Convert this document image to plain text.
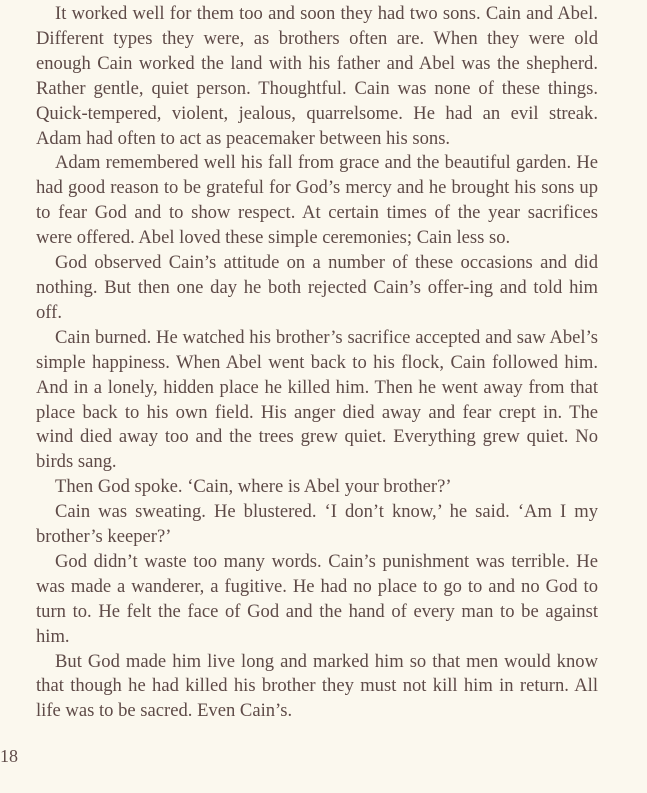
It worked well for them too and soon they had two sons. Cain and Abel. Different types they were, as brothers often are. When they were old enough Cain worked the land with his father and Abel was the shepherd. Rather gentle, quiet person. Thoughtful. Cain was none of these things. Quick-tempered, violent, jealous, quarrelsome. He had an evil streak. Adam had often to act as peacemaker between his sons.

Adam remembered well his fall from grace and the beautiful garden. He had good reason to be grateful for God’s mercy and he brought his sons up to fear God and to show respect. At certain times of the year sacrifices were offered. Abel loved these simple ceremonies; Cain less so.

God observed Cain’s attitude on a number of these occasions and did nothing. But then one day he both rejected Cain’s offer-ing and told him off.

Cain burned. He watched his brother’s sacrifice accepted and saw Abel’s simple happiness. When Abel went back to his flock, Cain followed him. And in a lonely, hidden place he killed him. Then he went away from that place back to his own field. His anger died away and fear crept in. The wind died away too and the trees grew quiet. Everything grew quiet. No birds sang.

Then God spoke. ‘Cain, where is Abel your brother?’

Cain was sweating. He blustered. ‘I don’t know,’ he said. ‘Am I my brother’s keeper?’

God didn’t waste too many words. Cain’s punishment was terrible. He was made a wanderer, a fugitive. He had no place to go to and no God to turn to. He felt the face of God and the hand of every man to be against him.

But God made him live long and marked him so that men would know that though he had killed his brother they must not kill him in return. All life was to be sacred. Even Cain’s.

18
